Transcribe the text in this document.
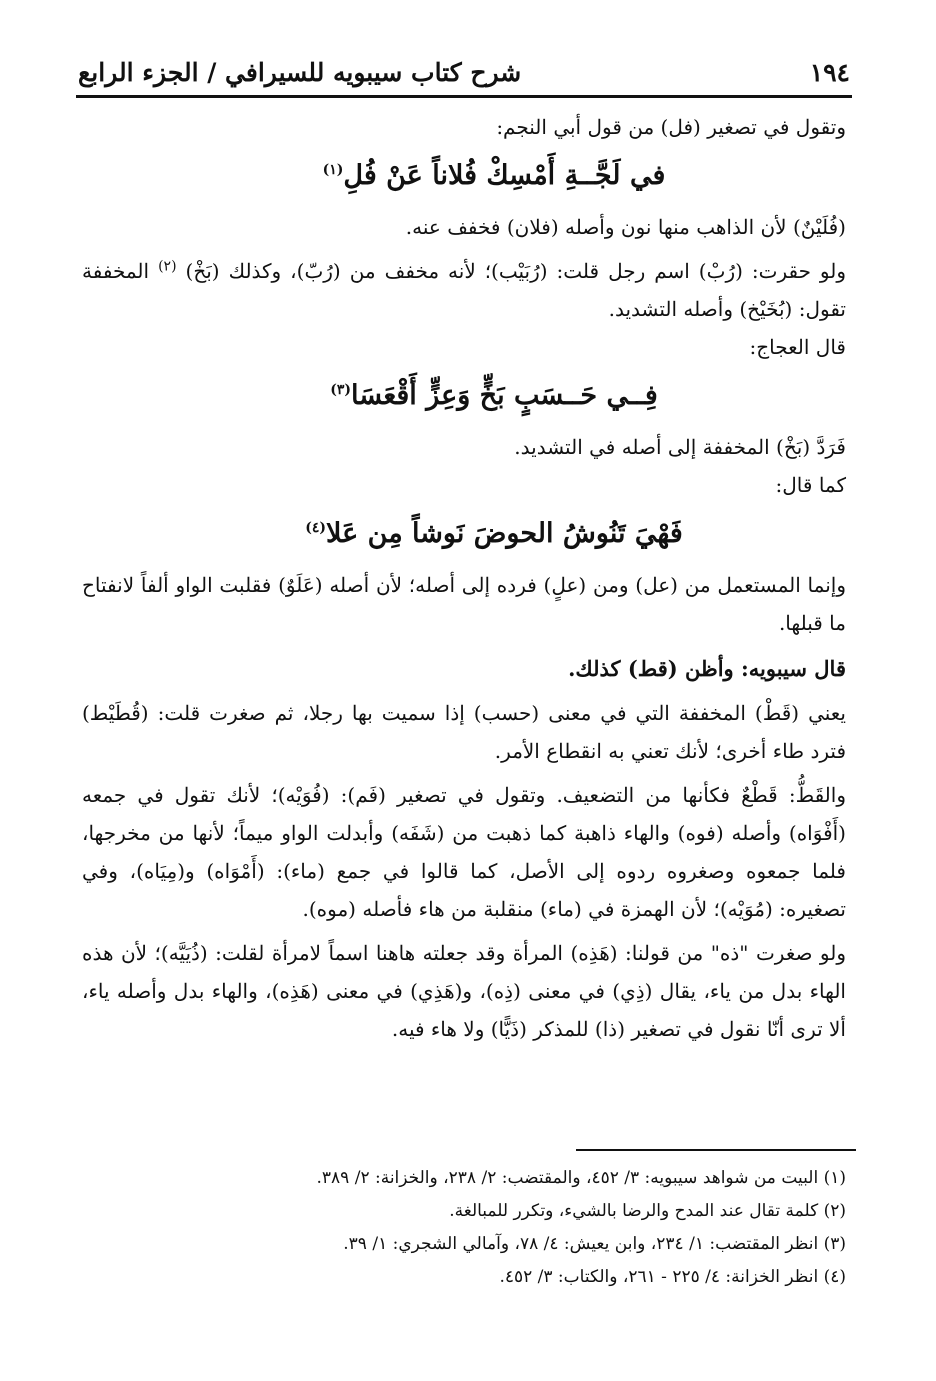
١٩٤
شرح كتاب سيبويه للسيرافي / الجزء الرابع

وتقول في تصغير (فل) من قول أبي النجم:

في لَجَّــةِ أَمْسِكْ فُلاناً عَنْ فُلِ$^{(١)}$

(فُلَيْنٌ) لأن الذاهب منها نون وأصله (فلان) فخفف عنه.

ولو حقرت: (رُبْ) اسم رجل قلت: (رُبَيْب)؛ لأنه مخفف من (رُبّ)، وكذلك (بَخْ) $^{(٢)}$ المخففة تقول: (بُخَيْخ) وأصله التشديد.

قال العجاج:

فِــي حَــسَبٍ بَخٍّ وَعِزٍّ أَقْعَسَا$^{(٣)}$

فَرَدَّ (بَخْ) المخففة إلى أصله في التشديد.

كما قال:

فَهْيَ تَنُوشُ الحوضَ نَوشاً مِن عَلا$^{(٤)}$

وإنما المستعمل من (عل) ومن (علٍ) فرده إلى أصله؛ لأن أصله (عَلَوٌ) فقلبت الواو ألفاً لانفتاح ما قبلها.

قال سيبويه: وأظن (قط) كذلك.

يعني (قَطْ) المخففة التي في معنى (حسب) إذا سميت بها رجلا، ثم صغرت قلت: (قُطَيْط) فترد طاء أخرى؛ لأنك تعني به انقطاع الأمر.

والقَطُّ: قَطْعٌ فكأنها من التضعيف. وتقول في تصغير (فَم): (فُوَيْه)؛ لأنك تقول في جمعه (أَفْوَاه) وأصله (فوه) والهاء ذاهبة كما ذهبت من (شَفَه) وأبدلت الواو ميماً؛ لأنها من مخرجها، فلما جمعوه وصغروه ردوه إلى الأصل، كما قالوا في جمع (ماء): (أَمْوَاه) و(مِيَاه)، وفي تصغيره: (مُوَيْه)؛ لأن الهمزة في (ماء) منقلبة من هاء فأصله (موه).

ولو صغرت "ذه" من قولنا: (هَذِه) المرأة وقد جعلته هاهنا اسماً لامرأة لقلت: (ذُيَيَّه)؛ لأن هذه الهاء بدل من ياء، يقال (ذِي) في معنى (ذِه)، و(هَذِي) في معنى (هَذِه)، والهاء بدل وأصله ياء، ألا ترى أنّا نقول في تصغير (ذا) للمذكر (ذَيًّا) ولا هاء فيه.

(١) البيت من شواهد سيبويه: ٣/ ٤٥٢، والمقتضب: ٢/ ٢٣٨، والخزانة: ٢/ ٣٨٩.

(٢) كلمة تقال عند المدح والرضا بالشيء، وتكرر للمبالغة.

(٣) انظر المقتضب: ١/ ٢٣٤، وابن يعيش: ٤/ ٧٨، وآمالي الشجري: ١/ ٣٩.

(٤) انظر الخزانة: ٤/ ٢٢٥ - ٢٦١، والكتاب: ٣/ ٤٥٢.
